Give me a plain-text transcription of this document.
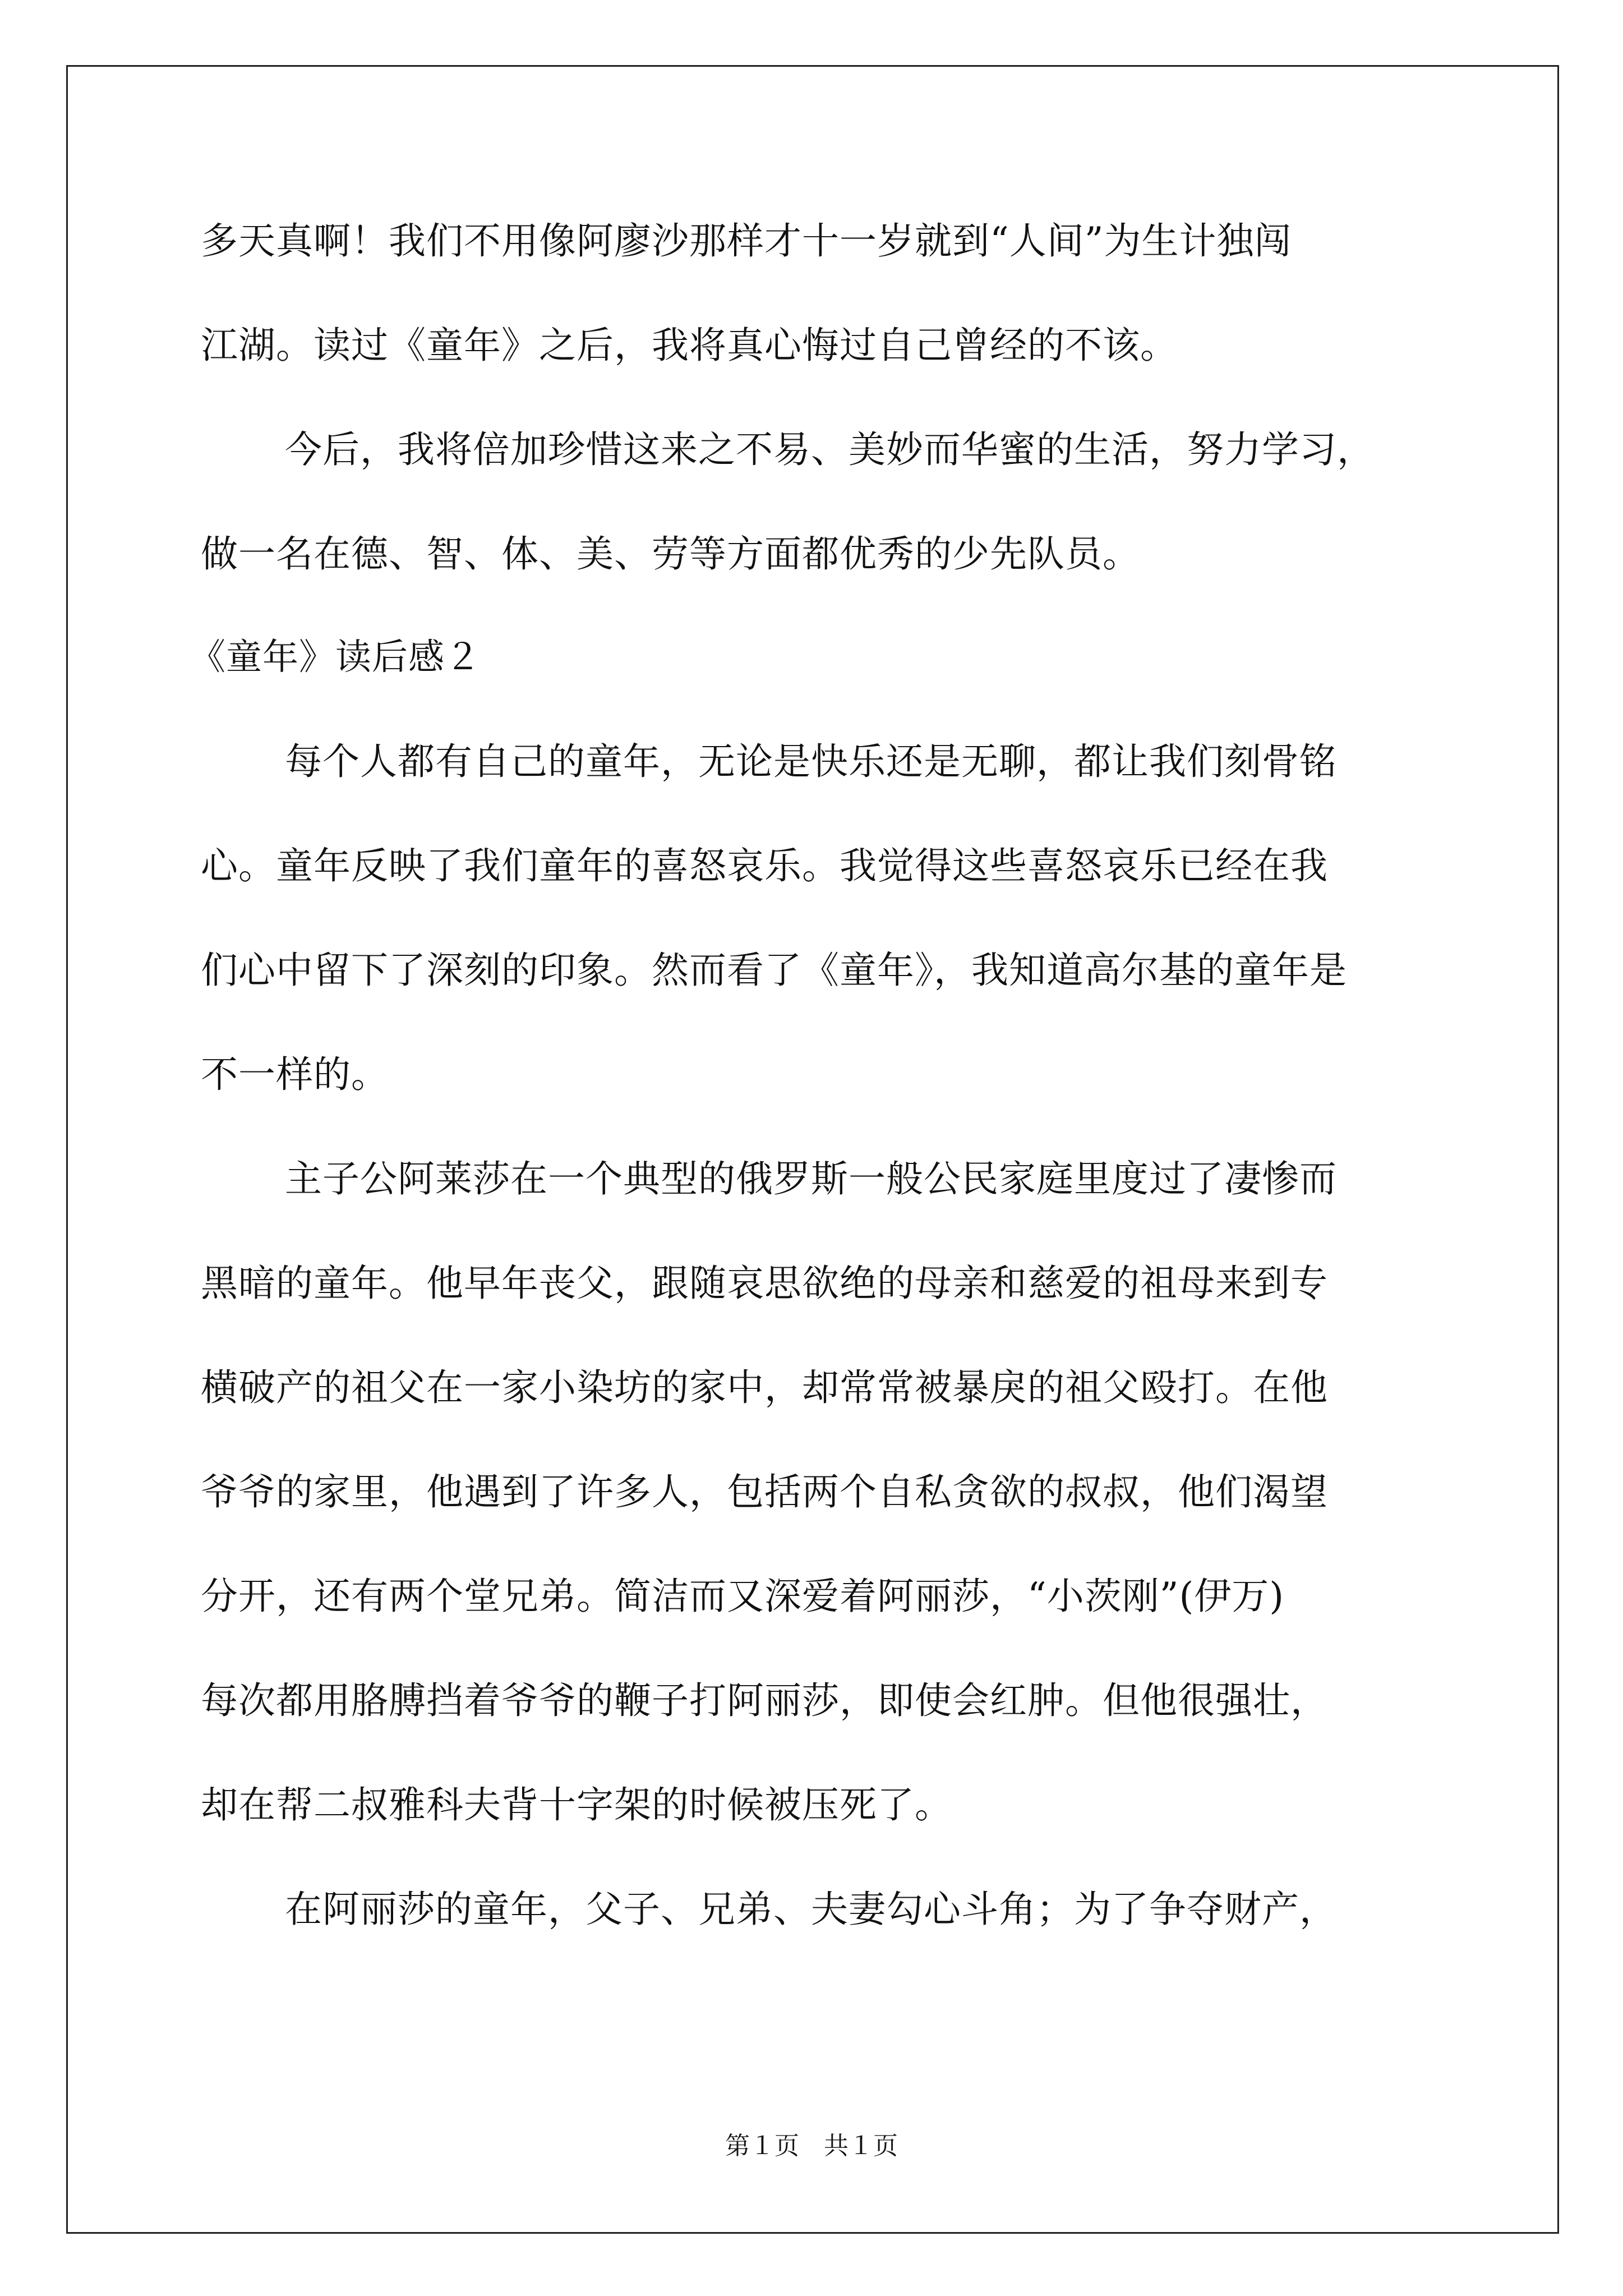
多天真啊！我们不用像阿廖沙那样才十一岁就到“人间”为生计独闯
江湖。读过《童年》之后，我将真心悔过自己曾经的不该。
今后，我将倍加珍惜这来之不易、美妙而华蜜的生活，努力学习，
做一名在德、智、体、美、劳等方面都优秀的少先队员。
《童年》读后感２
每个人都有自己的童年，无论是快乐还是无聊，都让我们刻骨铭
心。童年反映了我们童年的喜怒哀乐。我觉得这些喜怒哀乐已经在我
们心中留下了深刻的印象。然而看了《童年》，我知道高尔基的童年是
不一样的。
主子公阿莱莎在一个典型的俄罗斯一般公民家庭里度过了凄惨而
黑暗的童年。他早年丧父，跟随哀思欲绝的母亲和慈爱的祖母来到专
横破产的祖父在一家小染坊的家中，却常常被暴戾的祖父殴打。在他
爷爷的家里，他遇到了许多人，包括两个自私贪欲的叔叔，他们渴望
分开，还有两个堂兄弟。简洁而又深爱着阿丽莎，“小茨刚”(伊万)
每次都用胳膊挡着爷爷的鞭子打阿丽莎，即使会红肿。但他很强壮，
却在帮二叔雅科夫背十字架的时候被压死了。
在阿丽莎的童年，父子、兄弟、夫妻勾心斗角；为了争夺财产，
第１页　共１页
